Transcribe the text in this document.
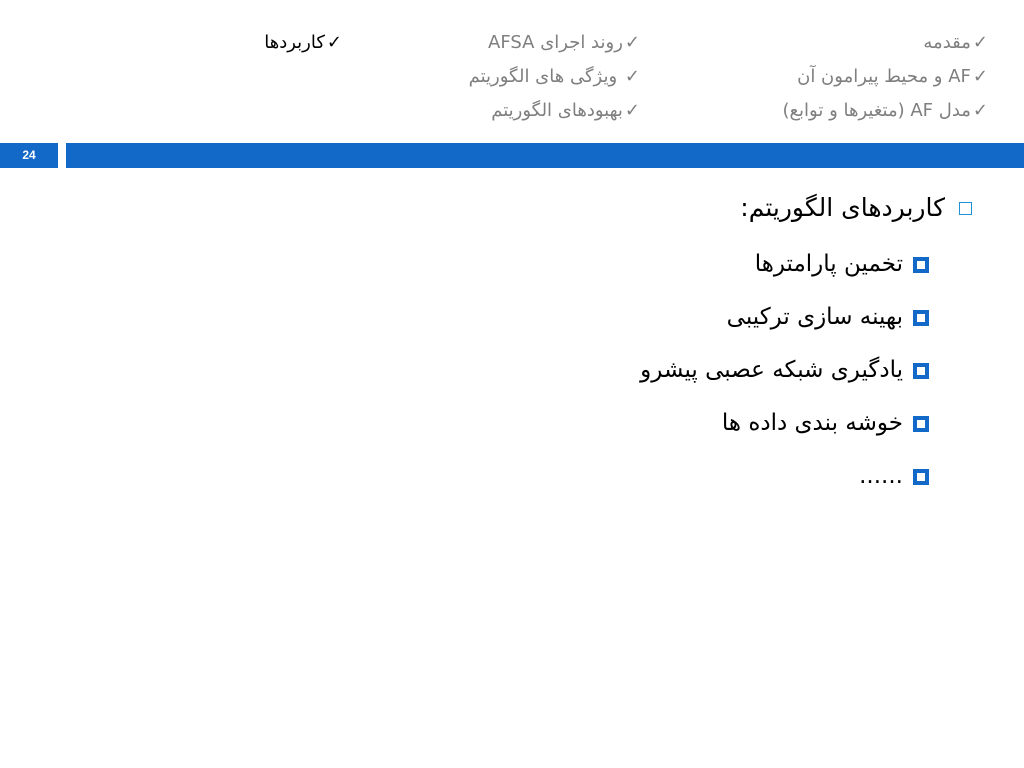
✓مقدمه
✓AF و محیط پیرامون آن
✓مدل AF (متغیرها و توابع)
✓روند اجرای AFSA
✓ ویژگی های الگوریتم
✓بهبودهای الگوریتم
✓کاربردها
24
کاربردهای الگوریتم:
تخمین پارامترها
بهینه سازی ترکیبی
یادگیری شبکه عصبی پیشرو
خوشه بندی داده ها
......
